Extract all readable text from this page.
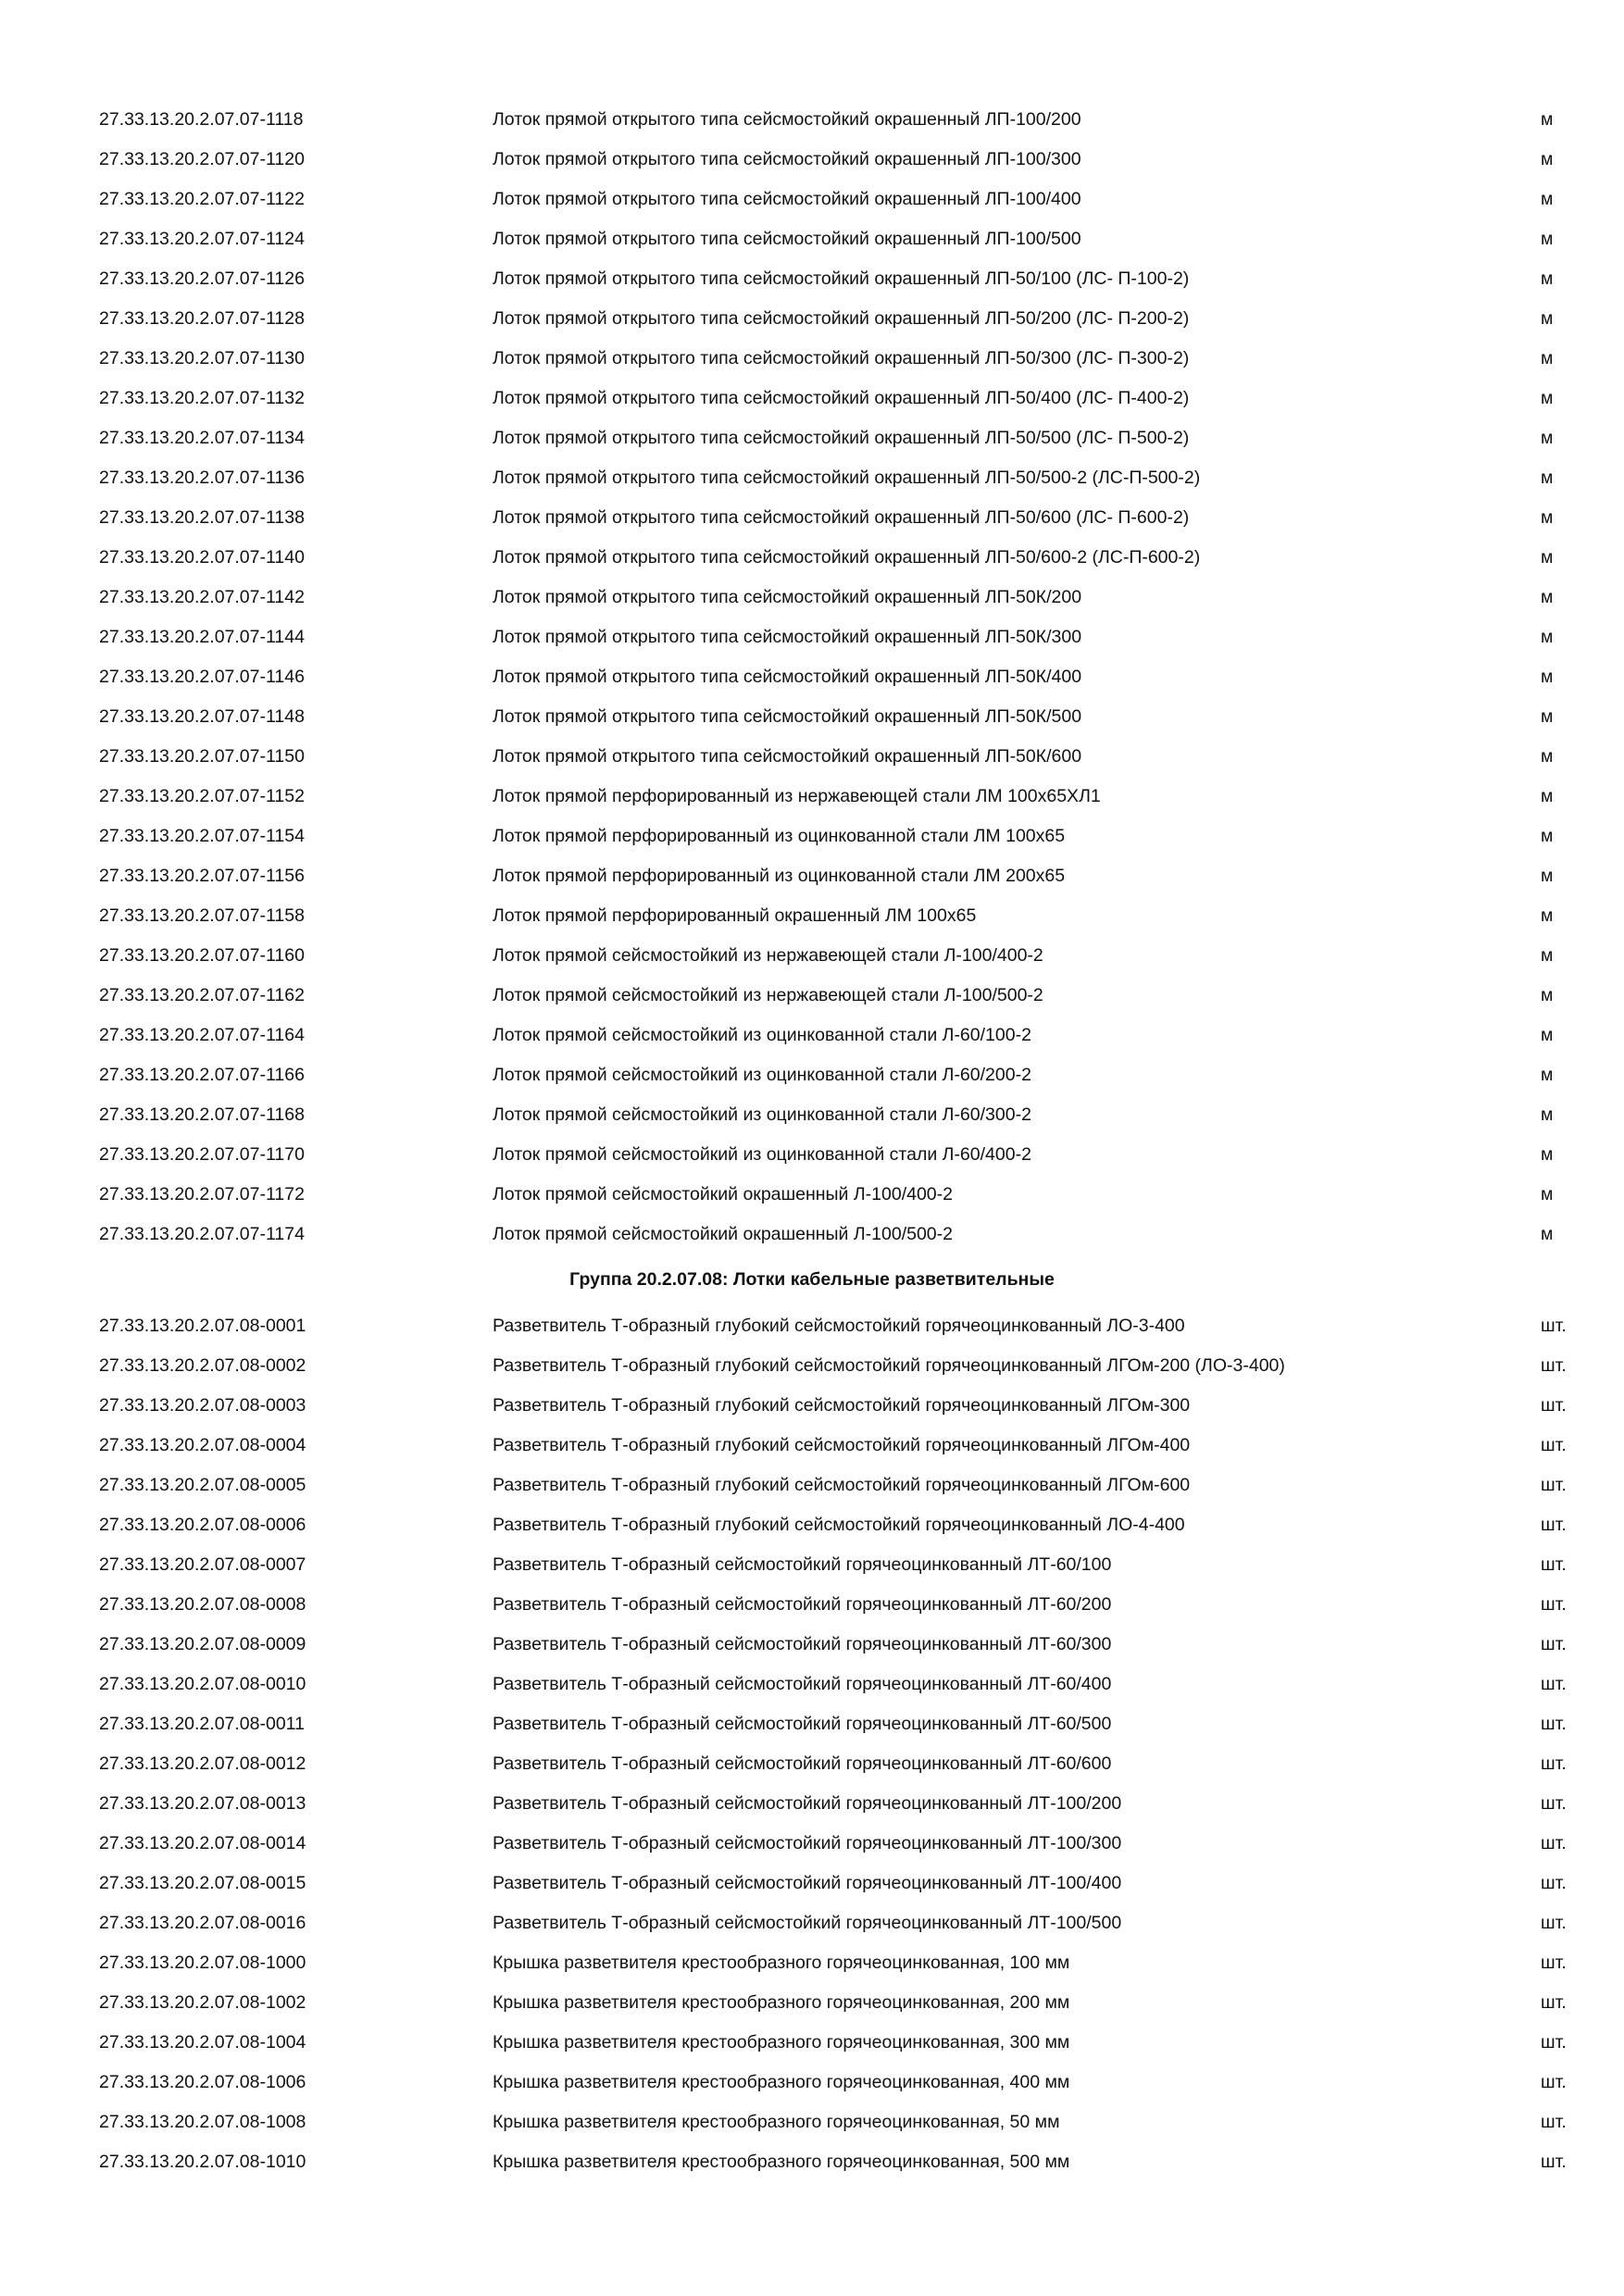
27.33.13.20.2.07.07-1118	Лоток прямой открытого типа сейсмостойкий окрашенный ЛП-100/200	м
27.33.13.20.2.07.07-1120	Лоток прямой открытого типа сейсмостойкий окрашенный ЛП-100/300	м
27.33.13.20.2.07.07-1122	Лоток прямой открытого типа сейсмостойкий окрашенный ЛП-100/400	м
27.33.13.20.2.07.07-1124	Лоток прямой открытого типа сейсмостойкий окрашенный ЛП-100/500	м
27.33.13.20.2.07.07-1126	Лоток прямой открытого типа сейсмостойкий окрашенный ЛП-50/100 (ЛС- П-100-2)	м
27.33.13.20.2.07.07-1128	Лоток прямой открытого типа сейсмостойкий окрашенный ЛП-50/200 (ЛС- П-200-2)	м
27.33.13.20.2.07.07-1130	Лоток прямой открытого типа сейсмостойкий окрашенный ЛП-50/300 (ЛС- П-300-2)	м
27.33.13.20.2.07.07-1132	Лоток прямой открытого типа сейсмостойкий окрашенный ЛП-50/400 (ЛС- П-400-2)	м
27.33.13.20.2.07.07-1134	Лоток прямой открытого типа сейсмостойкий окрашенный ЛП-50/500 (ЛС- П-500-2)	м
27.33.13.20.2.07.07-1136	Лоток прямой открытого типа сейсмостойкий окрашенный ЛП-50/500-2 (ЛС-П-500-2)	м
27.33.13.20.2.07.07-1138	Лоток прямой открытого типа сейсмостойкий окрашенный ЛП-50/600 (ЛС- П-600-2)	м
27.33.13.20.2.07.07-1140	Лоток прямой открытого типа сейсмостойкий окрашенный ЛП-50/600-2 (ЛС-П-600-2)	м
27.33.13.20.2.07.07-1142	Лоток прямой открытого типа сейсмостойкий окрашенный ЛП-50К/200	м
27.33.13.20.2.07.07-1144	Лоток прямой открытого типа сейсмостойкий окрашенный ЛП-50К/300	м
27.33.13.20.2.07.07-1146	Лоток прямой открытого типа сейсмостойкий окрашенный ЛП-50К/400	м
27.33.13.20.2.07.07-1148	Лоток прямой открытого типа сейсмостойкий окрашенный ЛП-50К/500	м
27.33.13.20.2.07.07-1150	Лоток прямой открытого типа сейсмостойкий окрашенный ЛП-50К/600	м
27.33.13.20.2.07.07-1152	Лоток прямой перфорированный из нержавеющей стали ЛМ 100х65ХЛ1	м
27.33.13.20.2.07.07-1154	Лоток прямой перфорированный из оцинкованной стали ЛМ 100х65	м
27.33.13.20.2.07.07-1156	Лоток прямой перфорированный из оцинкованной стали ЛМ 200х65	м
27.33.13.20.2.07.07-1158	Лоток прямой перфорированный окрашенный ЛМ 100х65	м
27.33.13.20.2.07.07-1160	Лоток прямой сейсмостойкий из нержавеющей стали Л-100/400-2	м
27.33.13.20.2.07.07-1162	Лоток прямой сейсмостойкий из нержавеющей стали Л-100/500-2	м
27.33.13.20.2.07.07-1164	Лоток прямой сейсмостойкий из оцинкованной стали Л-60/100-2	м
27.33.13.20.2.07.07-1166	Лоток прямой сейсмостойкий из оцинкованной стали Л-60/200-2	м
27.33.13.20.2.07.07-1168	Лоток прямой сейсмостойкий из оцинкованной стали Л-60/300-2	м
27.33.13.20.2.07.07-1170	Лоток прямой сейсмостойкий из оцинкованной стали Л-60/400-2	м
27.33.13.20.2.07.07-1172	Лоток прямой сейсмостойкий окрашенный Л-100/400-2	м
27.33.13.20.2.07.07-1174	Лоток прямой сейсмостойкий окрашенный Л-100/500-2	м
Группа 20.2.07.08: Лотки кабельные разветвительные
27.33.13.20.2.07.08-0001	Разветвитель Т-образный глубокий сейсмостойкий горячеоцинкованный ЛО-3-400	шт.
27.33.13.20.2.07.08-0002	Разветвитель Т-образный глубокий сейсмостойкий горячеоцинкованный ЛГОм-200 (ЛО-3-400)	шт.
27.33.13.20.2.07.08-0003	Разветвитель Т-образный глубокий сейсмостойкий горячеоцинкованный ЛГОм-300	шт.
27.33.13.20.2.07.08-0004	Разветвитель Т-образный глубокий сейсмостойкий горячеоцинкованный ЛГОм-400	шт.
27.33.13.20.2.07.08-0005	Разветвитель Т-образный глубокий сейсмостойкий горячеоцинкованный ЛГОм-600	шт.
27.33.13.20.2.07.08-0006	Разветвитель Т-образный глубокий сейсмостойкий горячеоцинкованный ЛО-4-400	шт.
27.33.13.20.2.07.08-0007	Разветвитель Т-образный сейсмостойкий горячеоцинкованный ЛТ-60/100	шт.
27.33.13.20.2.07.08-0008	Разветвитель Т-образный сейсмостойкий горячеоцинкованный ЛТ-60/200	шт.
27.33.13.20.2.07.08-0009	Разветвитель Т-образный сейсмостойкий горячеоцинкованный ЛТ-60/300	шт.
27.33.13.20.2.07.08-0010	Разветвитель Т-образный сейсмостойкий горячеоцинкованный ЛТ-60/400	шт.
27.33.13.20.2.07.08-0011	Разветвитель Т-образный сейсмостойкий горячеоцинкованный ЛТ-60/500	шт.
27.33.13.20.2.07.08-0012	Разветвитель Т-образный сейсмостойкий горячеоцинкованный ЛТ-60/600	шт.
27.33.13.20.2.07.08-0013	Разветвитель Т-образный сейсмостойкий горячеоцинкованный ЛТ-100/200	шт.
27.33.13.20.2.07.08-0014	Разветвитель Т-образный сейсмостойкий горячеоцинкованный ЛТ-100/300	шт.
27.33.13.20.2.07.08-0015	Разветвитель Т-образный сейсмостойкий горячеоцинкованный ЛТ-100/400	шт.
27.33.13.20.2.07.08-0016	Разветвитель Т-образный сейсмостойкий горячеоцинкованный ЛТ-100/500	шт.
27.33.13.20.2.07.08-1000	Крышка разветвителя крестообразного горячеоцинкованная, 100 мм	шт.
27.33.13.20.2.07.08-1002	Крышка разветвителя крестообразного горячеоцинкованная, 200 мм	шт.
27.33.13.20.2.07.08-1004	Крышка разветвителя крестообразного горячеоцинкованная, 300 мм	шт.
27.33.13.20.2.07.08-1006	Крышка разветвителя крестообразного горячеоцинкованная, 400 мм	шт.
27.33.13.20.2.07.08-1008	Крышка разветвителя крестообразного горячеоцинкованная, 50 мм	шт.
27.33.13.20.2.07.08-1010	Крышка разветвителя крестообразного горячеоцинкованная, 500 мм	шт.
